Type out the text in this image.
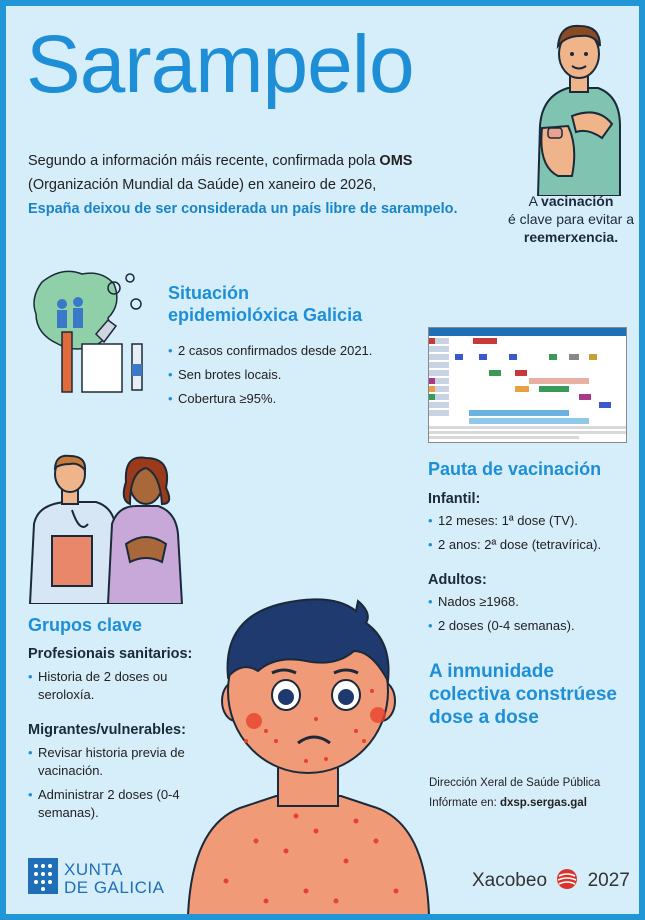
Sarampelo
Segundo a información máis recente, confirmada pola OMS
(Organización Mundial da Saúde) en xaneiro de 2026,
España deixou de ser considerada un país libre de sarampelo.	A vacinación
é clave para evitar a
reemerxencia.
Situación
epidemiolóxica Galicia
• 2 casos confirmados desde 2021.
• Sen brotes locais.
• Cobertura ≥95%.
Pauta de vacinación
Infantil:
• 12 meses: 1ª dose (TV).
• 2 anos: 2ª dose (tetravírica).
Adultos:
• Nados ≥1968.
• 2 doses (0-4 semanas).
Grupos clave
Profesionais sanitarios:
• Historia de 2 doses ou seroloxía.
Migrantes/vulnerables:
• Revisar historia previa de vacinación.
• Administrar 2 doses (0-4 semanas).
A inmunidade colectiva constrúese dose a dose
Dirección Xeral de Saúde Pública
Infórmate en: dxsp.sergas.gal
XUNTA
DE GALICIA	Xacobeo 2027
